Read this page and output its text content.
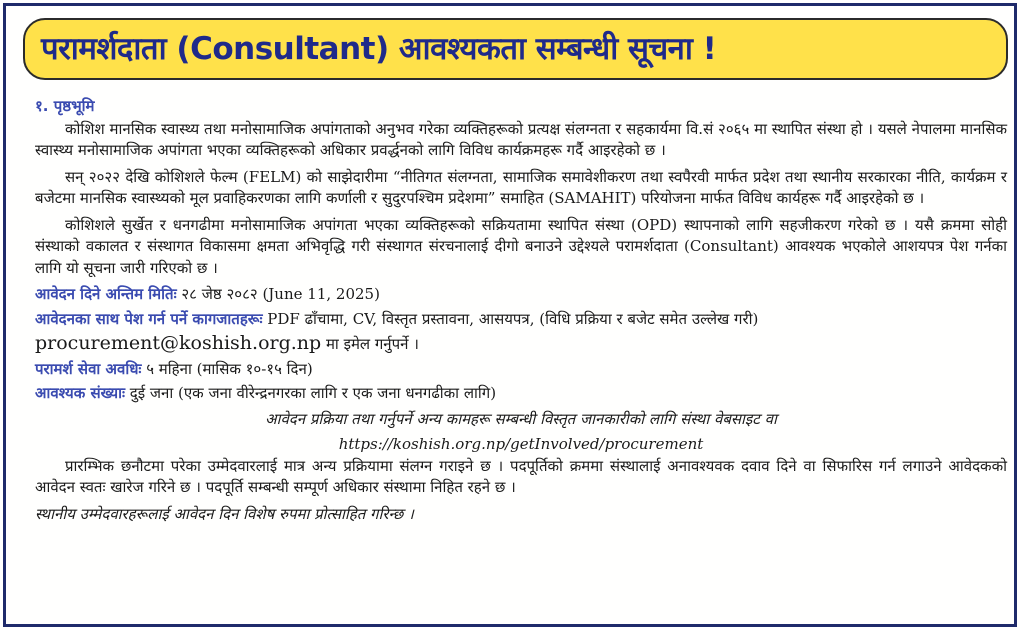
परामर्शदाता (Consultant) आवश्यकता सम्बन्धी सूचना !
१. पृष्ठभूमि

कोशिश मानसिक स्वास्थ्य तथा मनोसामाजिक अपांगताको अनुभव गरेका व्यक्तिहरूको प्रत्यक्ष संलग्नता र सहकार्यमा वि.सं २०६५ मा स्थापित संस्था हो । यसले नेपालमा मानसिक स्वास्थ्य मनोसामाजिक अपांगता भएका व्यक्तिहरूको अधिकार प्रवर्द्धनको लागि विविध कार्यक्रमहरू गर्दै आइरहेको छ ।

सन् २०२२ देखि कोशिशले फेल्म (FELM) को साझेदारीमा “नीतिगत संलग्नता, सामाजिक समावेशीकरण तथा स्वपैरवी मार्फत प्रदेश तथा स्थानीय सरकारका नीति, कार्यक्रम र बजेटमा मानसिक स्वास्थ्यको मूल प्रवाहिकरणका लागि कर्णाली र सुदुरपश्चिम प्रदेशमा” समाहित (SAMAHIT) परियोजना मार्फत विविध कार्यहरू गर्दै आइरहेको छ ।

कोशिशले सुर्खेत र धनगढीमा मनोसामाजिक अपांगता भएका व्यक्तिहरूको सक्रियतामा स्थापित संस्था (OPD) स्थापनाको लागि सहजीकरण गरेको छ । यसै क्रममा सोही संस्थाको वकालत र संस्थागत विकासमा क्षमता अभिवृद्धि गरी संस्थागत संरचनालाई दीगो बनाउने उद्देश्यले परामर्शदाता (Consultant) आवश्यक भएकोले आशयपत्र पेश गर्नका लागि यो सूचना जारी गरिएको छ ।

आवेदन दिने अन्तिम मितिः २८ जेष्ठ २०८२ (June 11, 2025)
आवेदनका साथ पेश गर्न पर्ने कागजातहरूः PDF ढाँचामा, CV, विस्तृत प्रस्तावना, आसयपत्र, (विधि प्रक्रिया र बजेट समेत उल्लेख गरी)
procurement@koshish.org.np मा इमेल गर्नुपर्ने ।
परामर्श सेवा अवधिः ५ महिना (मासिक १०-१५ दिन)
आवश्यक संख्याः दुई जना (एक जना वीरेन्द्रनगरका लागि र एक जना धनगढीका लागि)
आवेदन प्रक्रिया तथा गर्नुपर्ने अन्य कामहरू सम्बन्धी विस्तृत जानकारीको लागि संस्था वेबसाइट वा
https://koshish.org.np/getInvolved/procurement

प्रारम्भिक छनौटमा परेका उम्मेदवारलाई मात्र अन्य प्रक्रियामा संलग्न गराइने छ । पदपूर्तिको क्रममा संस्थालाई अनावश्यवक दवाव दिने वा सिफारिस गर्न लगाउने आवेदकको आवेदन स्वतः खारेज गरिने छ । पदपूर्ति सम्बन्धी सम्पूर्ण अधिकार संस्थामा निहित रहने छ ।

स्थानीय उम्मेदवारहरूलाई आवेदन दिन विशेष रुपमा प्रोत्साहित गरिन्छ ।
